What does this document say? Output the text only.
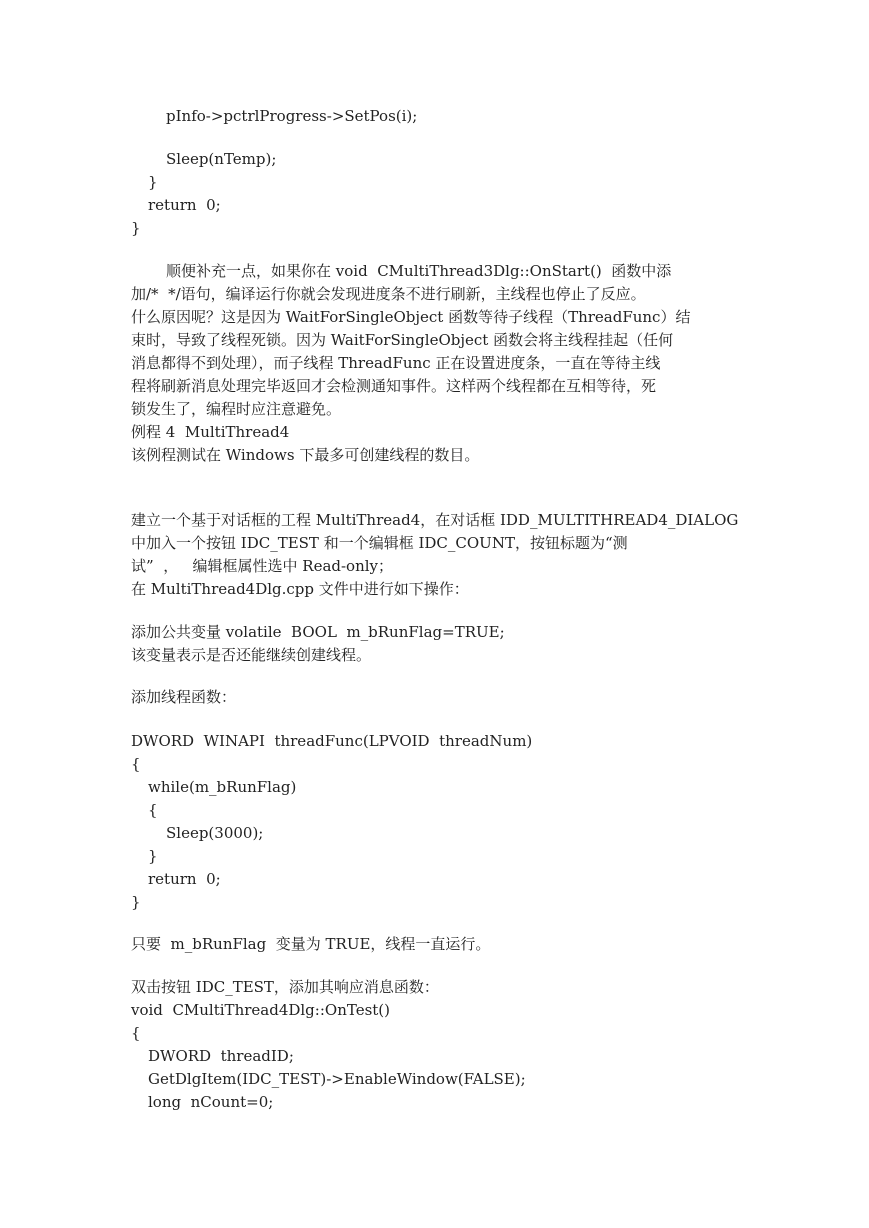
pInfo->pctrlProgress->SetPos(i);
Sleep(nTemp);
}
return  0;
}
顺便补充一点，如果你在 void  CMultiThread3Dlg::OnStart()  函数中添
加/*  */语句，编译运行你就会发现进度条不进行刷新，主线程也停止了反应。
什么原因呢？这是因为 WaitForSingleObject 函数等待子线程（ThreadFunc）结
束时，导致了线程死锁。因为 WaitForSingleObject 函数会将主线程挂起（任何
消息都得不到处理），而子线程 ThreadFunc 正在设置进度条，一直在等待主线
程将刷新消息处理完毕返回才会检测通知事件。这样两个线程都在互相等待，死
锁发生了，编程时应注意避免。
例程 4  MultiThread4
该例程测试在 Windows 下最多可创建线程的数目。
建立一个基于对话框的工程 MultiThread4，在对话框 IDD_MULTITHREAD4_DIALOG
中加入一个按钮 IDC_TEST 和一个编辑框 IDC_COUNT，按钮标题为“测
试”  ，   编辑框属性选中 Read-only；
在 MultiThread4Dlg.cpp 文件中进行如下操作：
添加公共变量 volatile  BOOL  m_bRunFlag=TRUE;
该变量表示是否还能继续创建线程。
添加线程函数：
DWORD  WINAPI  threadFunc(LPVOID  threadNum)
{
while(m_bRunFlag)
{
Sleep(3000);
}
return  0;
}
只要  m_bRunFlag  变量为 TRUE，线程一直运行。
双击按钮 IDC_TEST，添加其响应消息函数：
void  CMultiThread4Dlg::OnTest()
{
DWORD  threadID;
GetDlgItem(IDC_TEST)->EnableWindow(FALSE);
long  nCount=0;
